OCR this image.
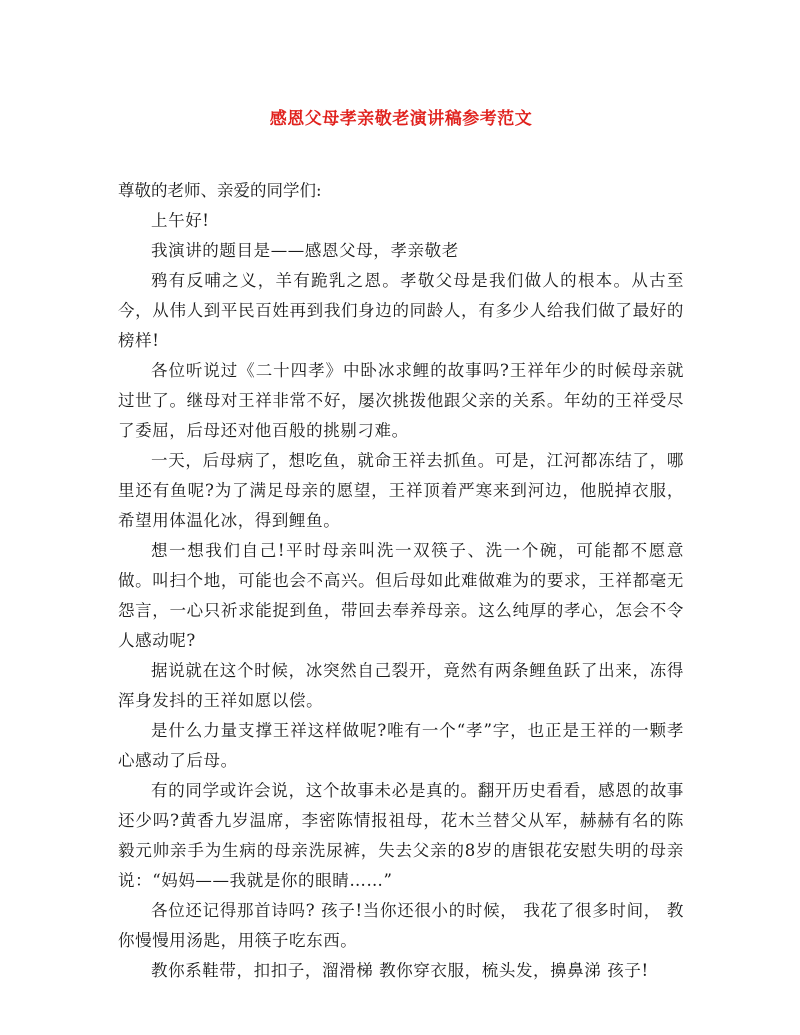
感恩父母孝亲敬老演讲稿参考范文

尊敬的老师、亲爱的同学们:

上午好!

我演讲的题目是——感恩父母，孝亲敬老

鸦有反哺之义，羊有跪乳之恩。孝敬父母是我们做人的根本。从古至今，从伟人到平民百姓再到我们身边的同龄人，有多少人给我们做了最好的榜样!

各位听说过《二十四孝》中卧冰求鲤的故事吗?王祥年少的时候母亲就过世了。继母对王祥非常不好，屡次挑拨他跟父亲的关系。年幼的王祥受尽了委屈，后母还对他百般的挑剔刁难。

一天，后母病了，想吃鱼，就命王祥去抓鱼。可是，江河都冻结了，哪里还有鱼呢?为了满足母亲的愿望，王祥顶着严寒来到河边，他脱掉衣服，希望用体温化冰，得到鲤鱼。

想一想我们自己!平时母亲叫洗一双筷子、洗一个碗，可能都不愿意做。叫扫个地，可能也会不高兴。但后母如此难做难为的要求，王祥都毫无怨言，一心只祈求能捉到鱼，带回去奉养母亲。这么纯厚的孝心，怎会不令人感动呢?

据说就在这个时候，冰突然自己裂开，竟然有两条鲤鱼跃了出来，冻得浑身发抖的王祥如愿以偿。

是什么力量支撑王祥这样做呢?唯有一个“孝”字，也正是王祥的一颗孝心感动了后母。

有的同学或许会说，这个故事未必是真的。翻开历史看看，感恩的故事还少吗?黄香九岁温席，李密陈情报祖母，花木兰替父从军，赫赫有名的陈毅元帅亲手为生病的母亲洗尿裤，失去父亲的8岁的唐银花安慰失明的母亲说：“妈妈——我就是你的眼睛……”

各位还记得那首诗吗? 孩子!当你还很小的时候， 我花了很多时间， 教你慢慢用汤匙，用筷子吃东西。

教你系鞋带，扣扣子，溜滑梯 教你穿衣服，梳头发，擤鼻涕 孩子!
